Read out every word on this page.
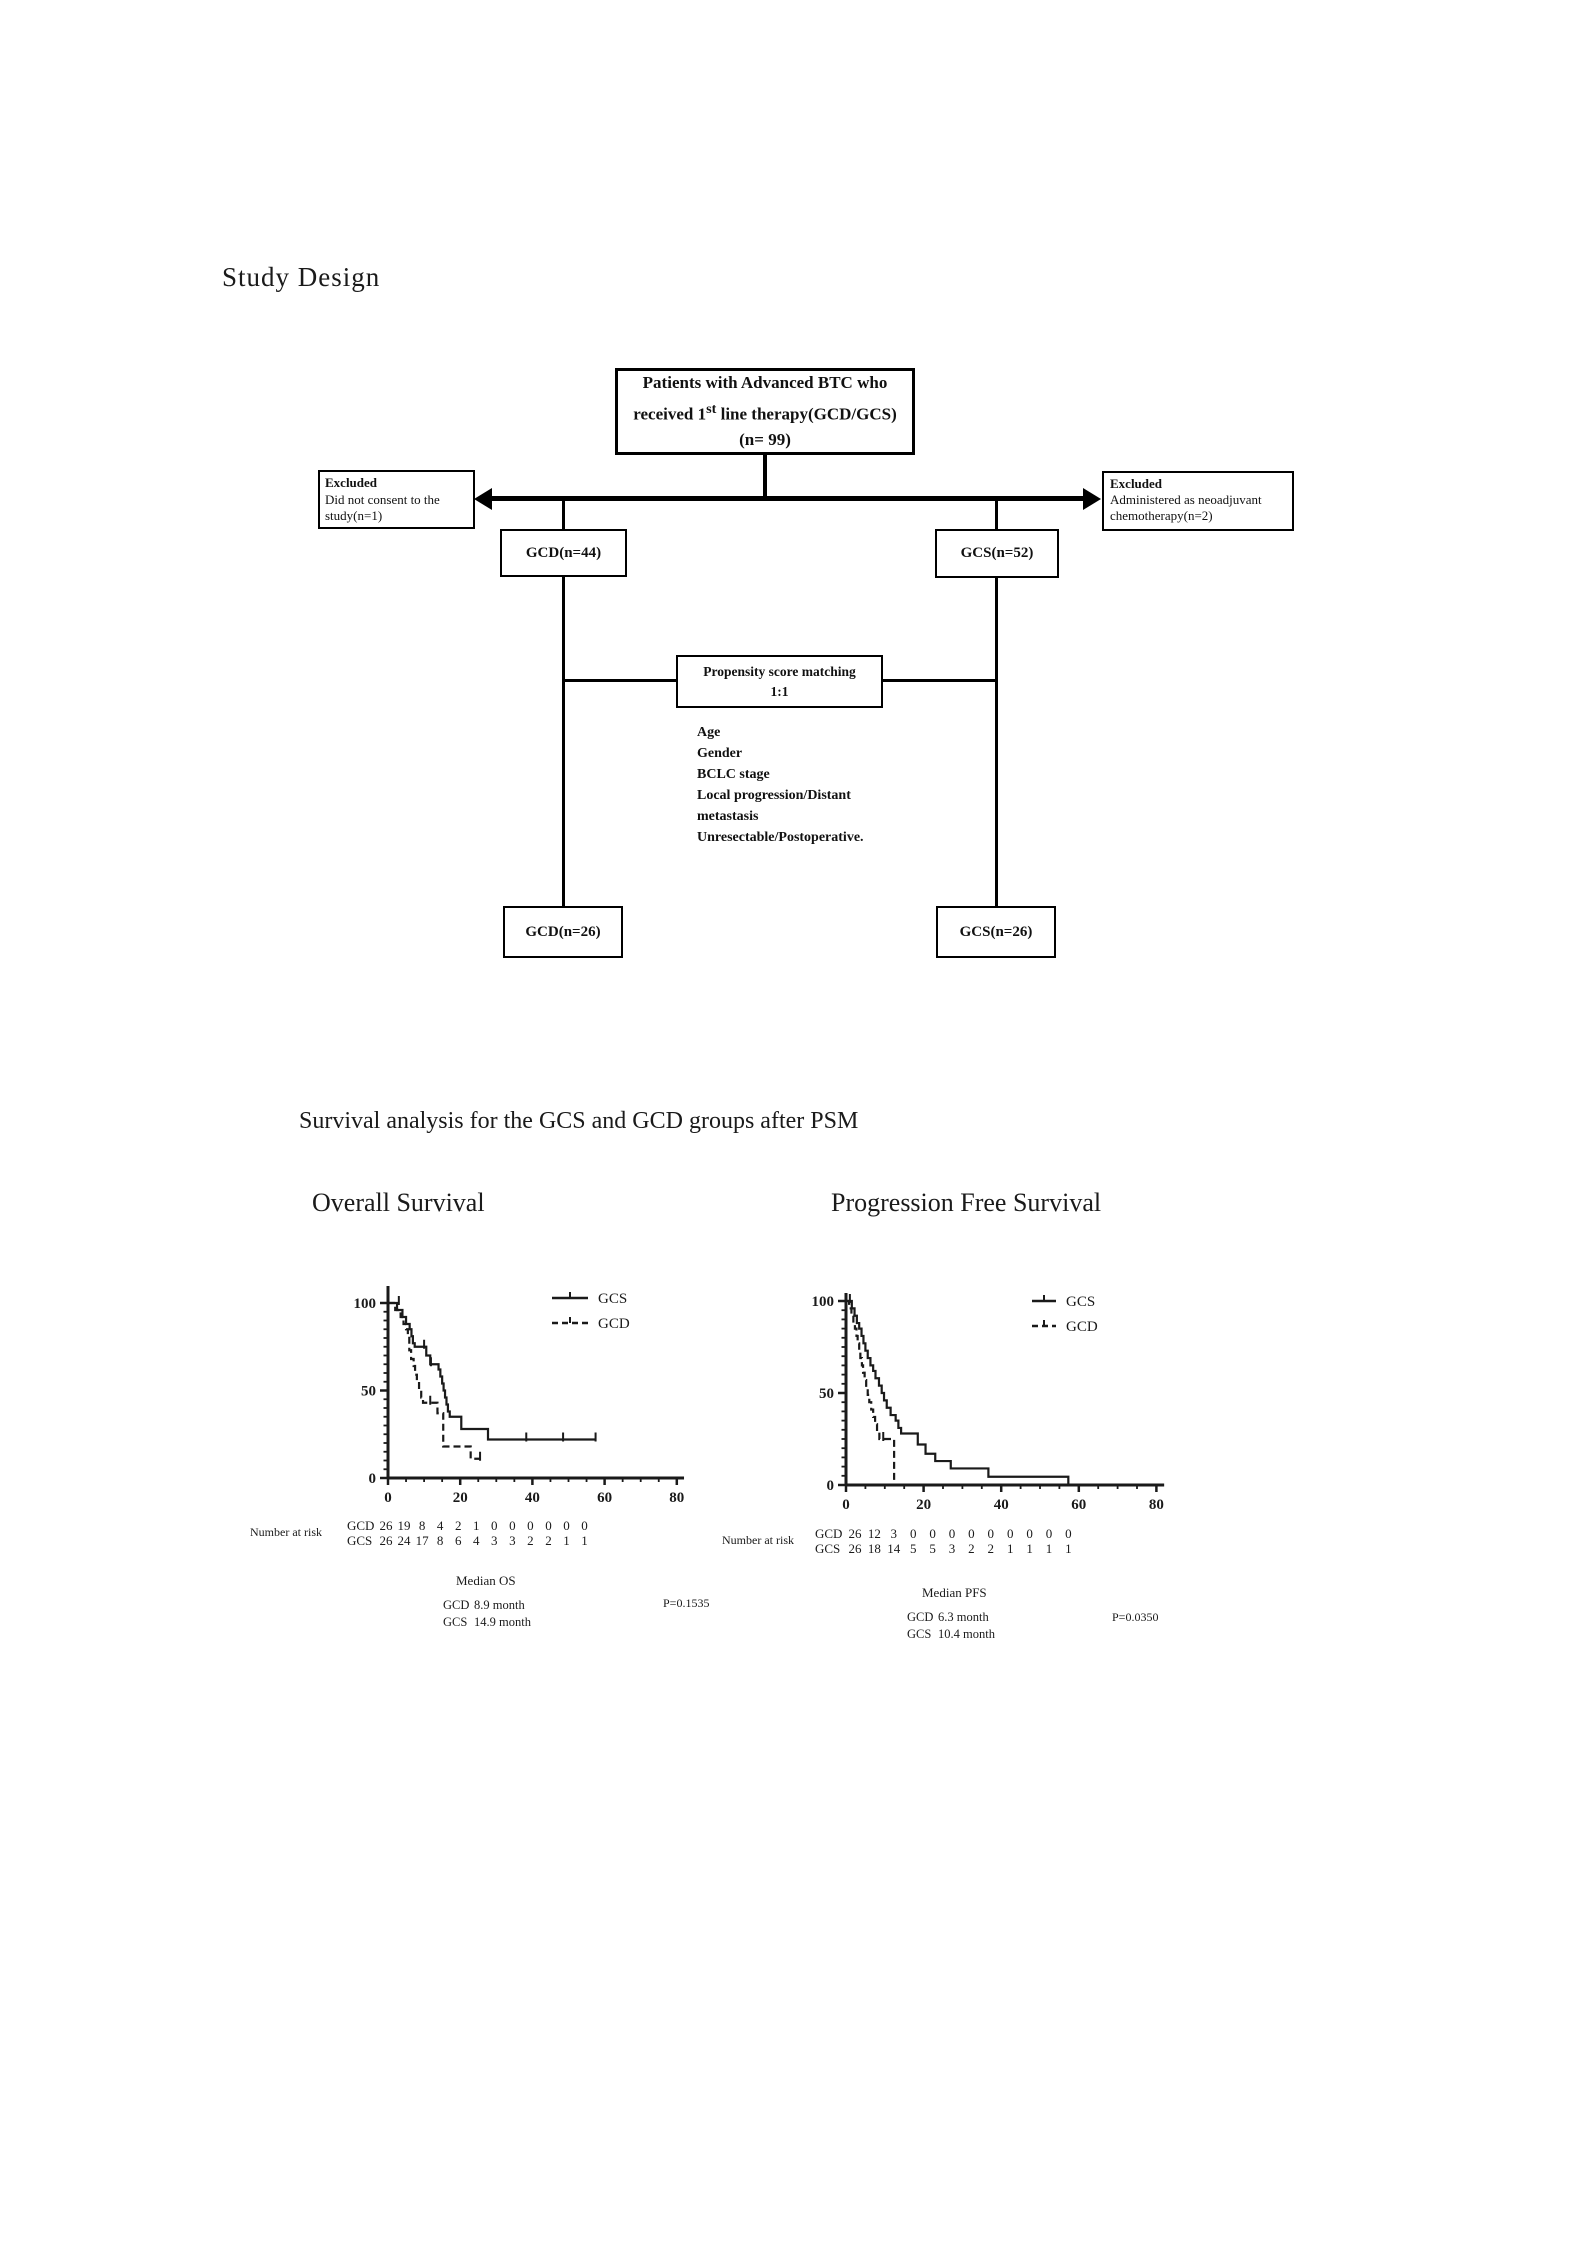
Study Design
Patients with Advanced BTC who
received 1st line therapy(GCD/GCS)
(n= 99)
Excluded
Did not consent to the study(n=1)
Excluded
Administered as neoadjuvant chemotherapy(n=2)
GCD(n=44)	GCS(n=52)
Propensity score matching
1:1
Age
Gender
BCLC stage
Local progression/Distant metastasis
Unresectable/Postoperative.
GCD(n=26)	GCS(n=26)
Survival analysis for the GCS and GCD groups after PSM
Overall Survival	Progression Free Survival
0	20	40	60	80
0
50
100	GCS
GCD
Number at risk GCD 26 19 8 4 2 1 0 0 0 0 0 0
GCS 26 24 17 8 6 4 3 3 2 2 1 1
Median OS
GCD 8.9 month
GCS 14.9 month
P=0.1535
0	20	40	60	80
0
50
100	GCS
GCD
Number at risk GCD 26 12 3 0 0 0 0 0 0 0 0 0
GCS 26 18 14 5 5 3 2 2 1 1 1 1
Median PFS
GCD 6.3 month
GCS 10.4 month
P=0.0350
